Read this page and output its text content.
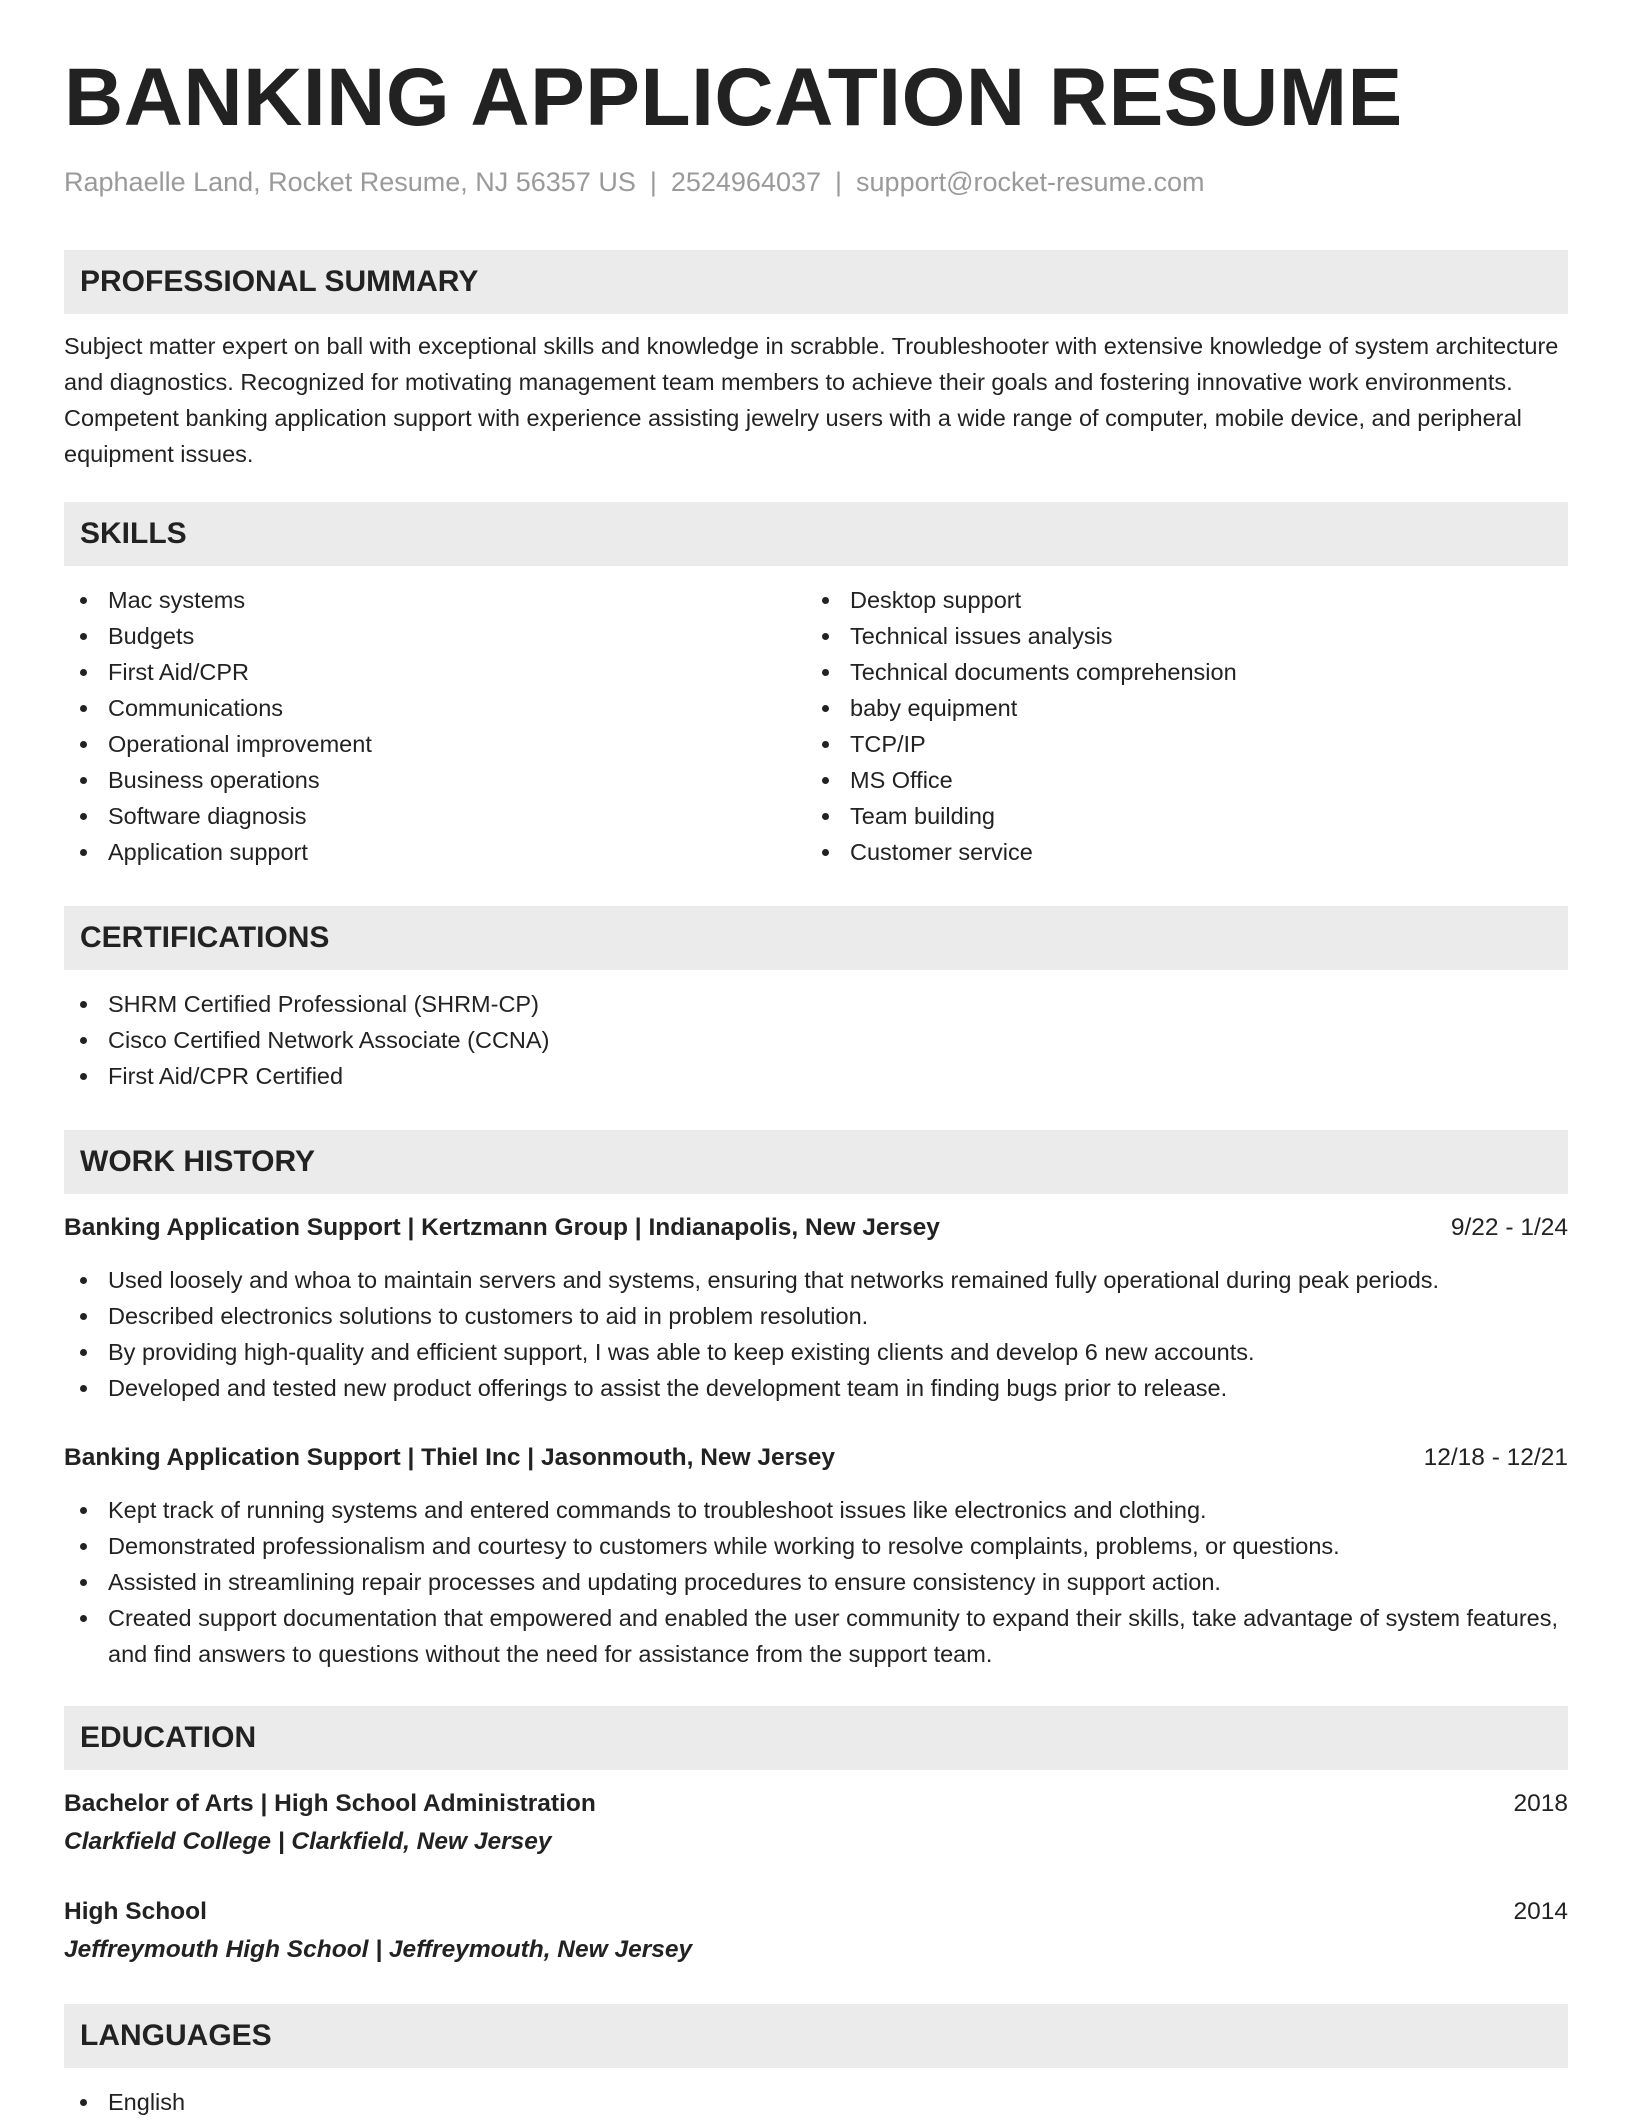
BANKING APPLICATION RESUME
Raphaelle Land, Rocket Resume, NJ 56357 US | 2524964037 | support@rocket-resume.com
PROFESSIONAL SUMMARY

Subject matter expert on ball with exceptional skills and knowledge in scrabble. Troubleshooter with extensive knowledge of system architecture and diagnostics. Recognized for motivating management team members to achieve their goals and fostering innovative work environments. Competent banking application support with experience assisting jewelry users with a wide range of computer, mobile device, and peripheral equipment issues.

SKILLS
Mac systems
Budgets
First Aid/CPR
Communications
Operational improvement
Business operations
Software diagnosis
Application support
Desktop support
Technical issues analysis
Technical documents comprehension
baby equipment
TCP/IP
MS Office
Team building
Customer service
CERTIFICATIONS
SHRM Certified Professional (SHRM-CP)
Cisco Certified Network Associate (CCNA)
First Aid/CPR Certified
WORK HISTORY
Banking Application Support | Kertzmann Group | Indianapolis, New Jersey	9/22 - 1/24
Used loosely and whoa to maintain servers and systems, ensuring that networks remained fully operational during peak periods.
Described electronics solutions to customers to aid in problem resolution.
By providing high-quality and efficient support, I was able to keep existing clients and develop 6 new accounts.
Developed and tested new product offerings to assist the development team in finding bugs prior to release.
Banking Application Support | Thiel Inc | Jasonmouth, New Jersey	12/18 - 12/21
Kept track of running systems and entered commands to troubleshoot issues like electronics and clothing.
Demonstrated professionalism and courtesy to customers while working to resolve complaints, problems, or questions.
Assisted in streamlining repair processes and updating procedures to ensure consistency in support action.
Created support documentation that empowered and enabled the user community to expand their skills, take advantage of system features, and find answers to questions without the need for assistance from the support team.
EDUCATION
Bachelor of Arts | High School Administration	2018
Clarkfield College | Clarkfield, New Jersey
High School	2014
Jeffreymouth High School | Jeffreymouth, New Jersey
LANGUAGES
English
